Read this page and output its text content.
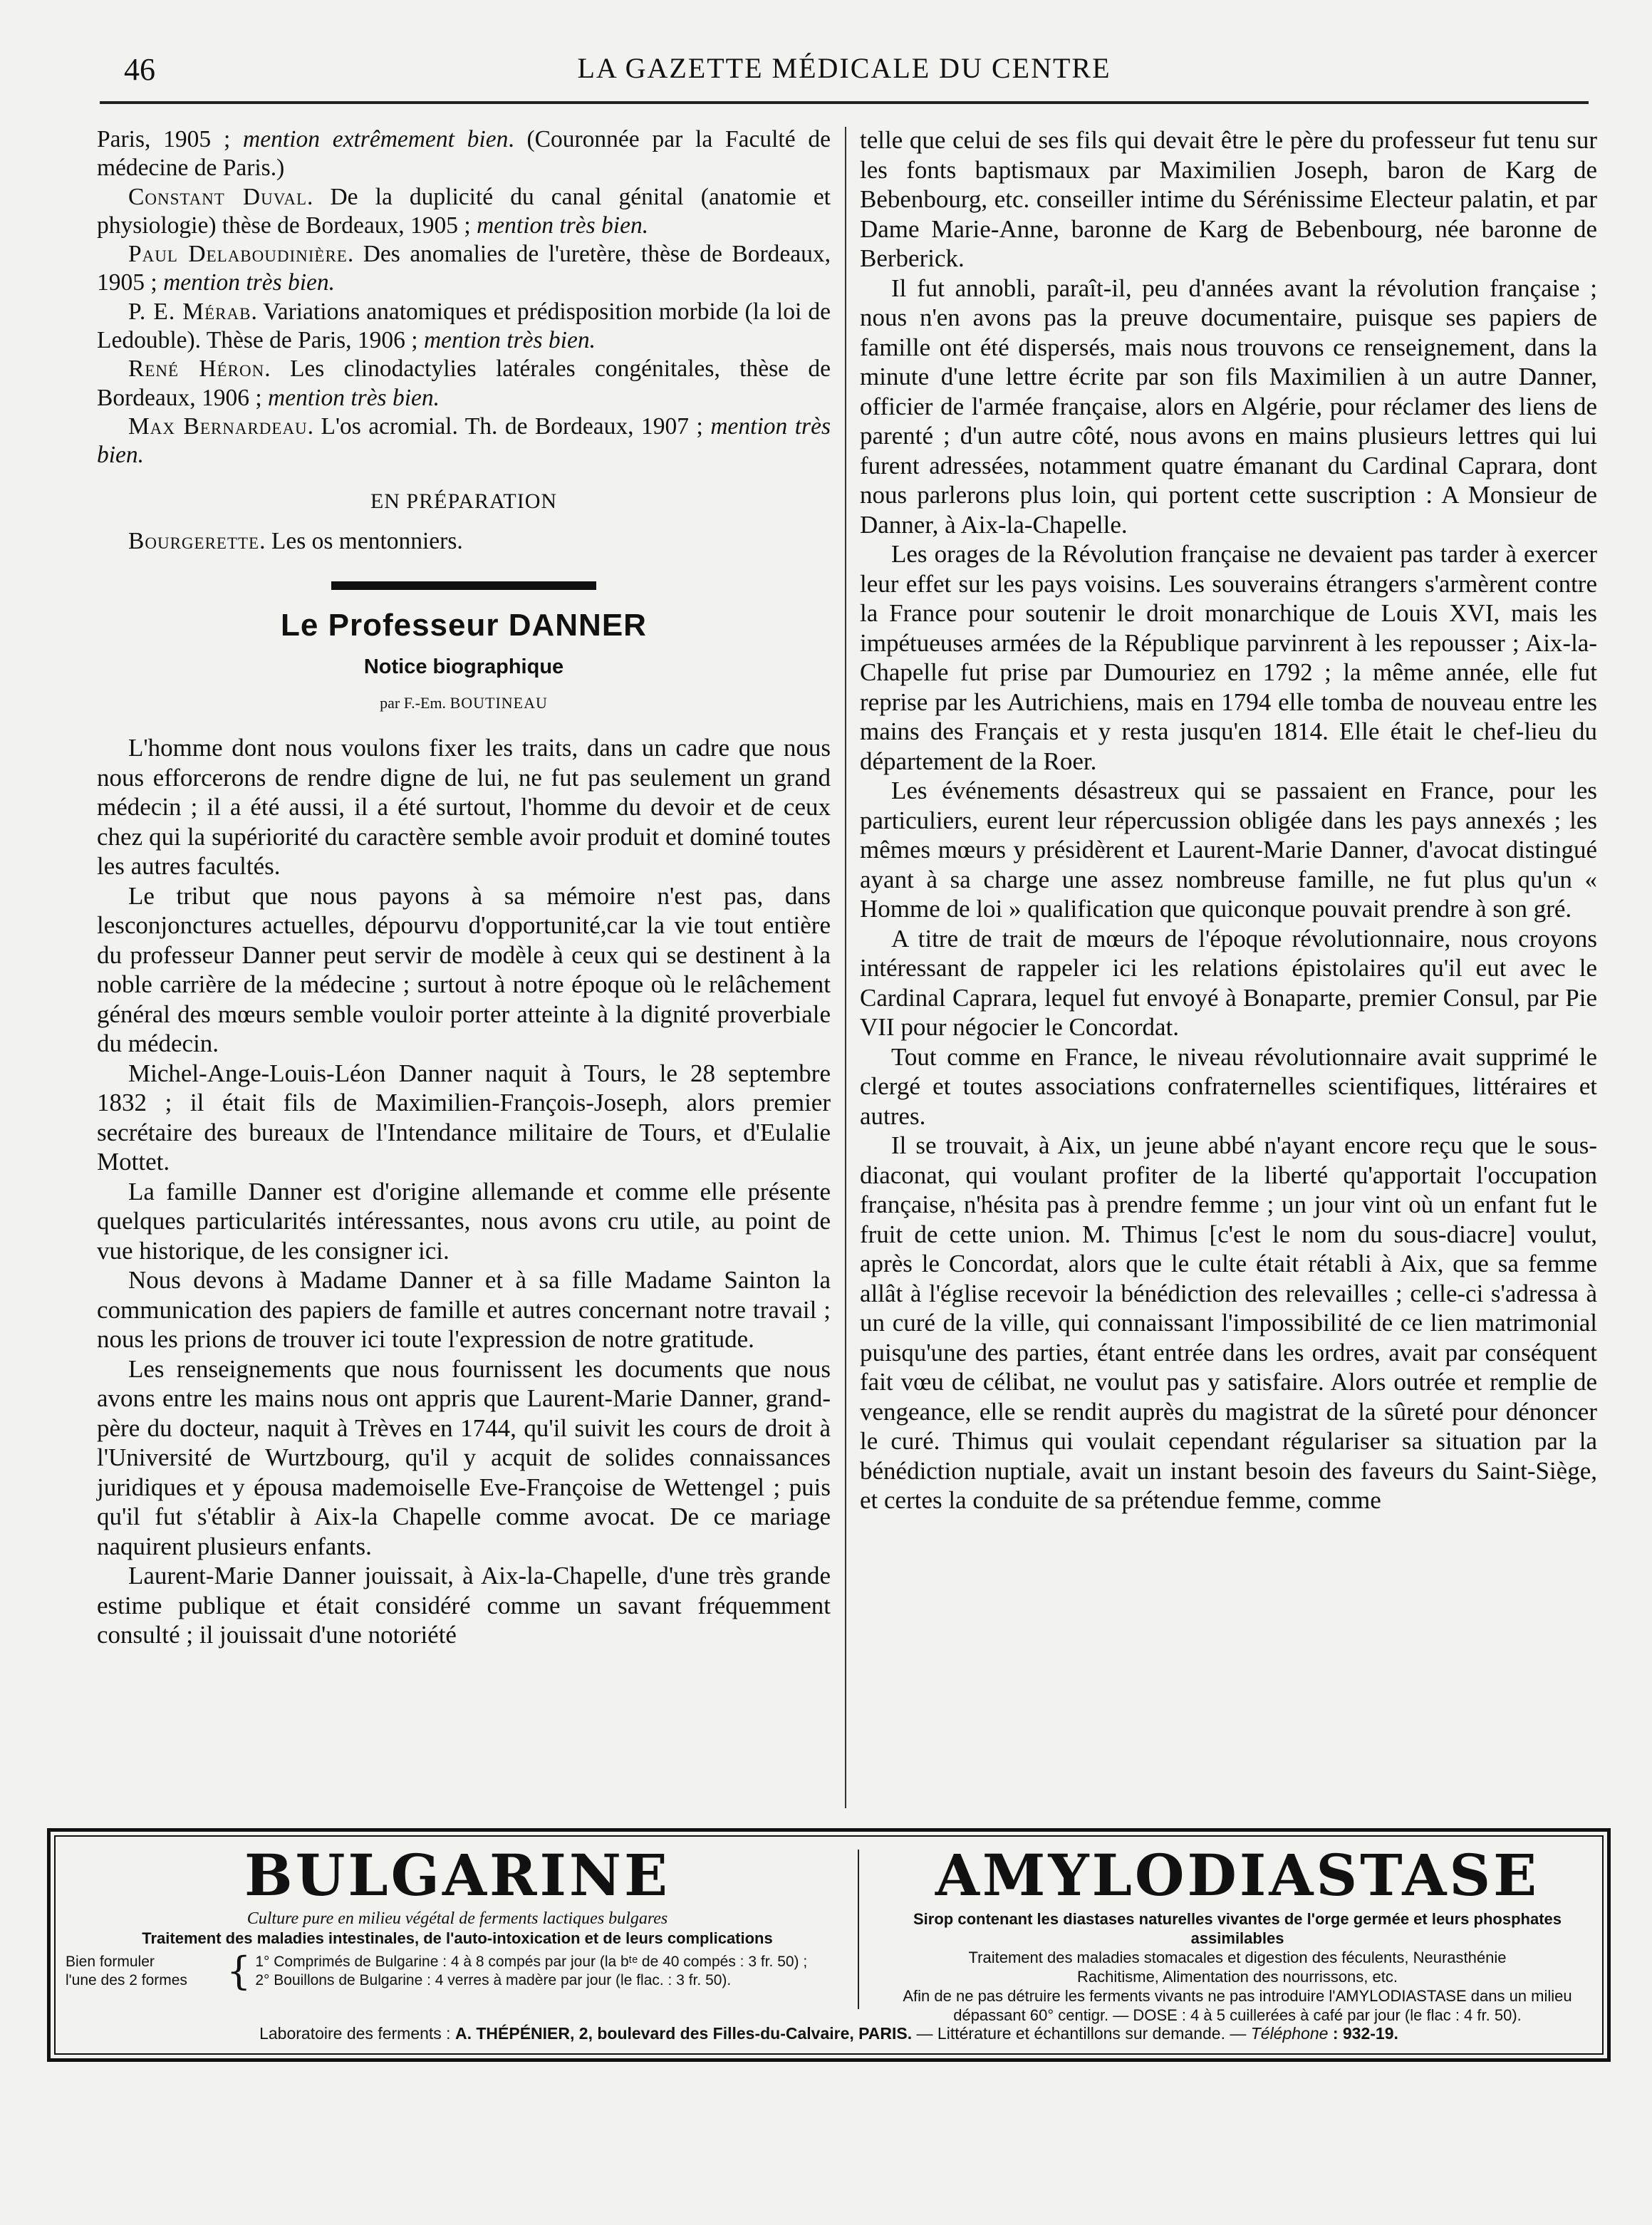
46	LA GAZETTE MÉDICALE DU CENTRE

Paris, 1905 ; mention extrêmement bien. (Couronnée par la Faculté de médecine de Paris.)

Constant Duval. De la duplicité du canal génital (anatomie et physiologie) thèse de Bordeaux, 1905 ; mention très bien.

Paul Delaboudinière. Des anomalies de l'uretère, thèse de Bordeaux, 1905 ; mention très bien.

P. E. Mérab. Variations anatomiques et prédisposition morbide (la loi de Ledouble). Thèse de Paris, 1906 ; mention très bien.

René Héron. Les clinodactylies latérales congénitales, thèse de Bordeaux, 1906 ; mention très bien.

Max Bernardeau. L'os acromial. Th. de Bordeaux, 1907 ; mention très bien.

EN PRÉPARATION

Bourgerette. Les os mentonniers.

Le Professeur DANNER
Notice biographique
par F.-Em. BOUTINEAU

L'homme dont nous voulons fixer les traits, dans un cadre que nous nous efforcerons de rendre digne de lui, ne fut pas seulement un grand médecin ; il a été aussi, il a été surtout, l'homme du devoir et de ceux chez qui la supériorité du caractère semble avoir produit et dominé toutes les autres facultés.

Le tribut que nous payons à sa mémoire n'est pas, dans lesconjonctures actuelles, dépourvu d'opportunité,car la vie tout entière du professeur Danner peut servir de modèle à ceux qui se destinent à la noble carrière de la médecine ; surtout à notre époque où le relâchement général des mœurs semble vouloir porter atteinte à la dignité proverbiale du médecin.

Michel-Ange-Louis-Léon Danner naquit à Tours, le 28 septembre 1832 ; il était fils de Maximilien-François-Joseph, alors premier secrétaire des bureaux de l'Intendance militaire de Tours, et d'Eulalie Mottet.

La famille Danner est d'origine allemande et comme elle présente quelques particularités intéressantes, nous avons cru utile, au point de vue historique, de les consigner ici.

Nous devons à Madame Danner et à sa fille Madame Sainton la communication des papiers de famille et autres concernant notre travail ; nous les prions de trouver ici toute l'expression de notre gratitude.

Les renseignements que nous fournissent les documents que nous avons entre les mains nous ont appris que Laurent-Marie Danner, grand-père du docteur, naquit à Trèves en 1744, qu'il suivit les cours de droit à l'Université de Wurtzbourg, qu'il y acquit de solides connaissances juridiques et y épousa mademoiselle Eve-Françoise de Wettengel ; puis qu'il fut s'établir à Aix-la Chapelle comme avocat. De ce mariage naquirent plusieurs enfants.

Laurent-Marie Danner jouissait, à Aix-la-Chapelle, d'une très grande estime publique et était considéré comme un savant fréquemment consulté ; il jouissait d'une notoriété

telle que celui de ses fils qui devait être le père du professeur fut tenu sur les fonts baptismaux par Maximilien Joseph, baron de Karg de Bebenbourg, etc. conseiller intime du Sérénissime Electeur palatin, et par Dame Marie-Anne, baronne de Karg de Bebenbourg, née baronne de Berberick.

Il fut annobli, paraît-il, peu d'années avant la révolution française ; nous n'en avons pas la preuve documentaire, puisque ses papiers de famille ont été dispersés, mais nous trouvons ce renseignement, dans la minute d'une lettre écrite par son fils Maximilien à un autre Danner, officier de l'armée française, alors en Algérie, pour réclamer des liens de parenté ; d'un autre côté, nous avons en mains plusieurs lettres qui lui furent adressées, notamment quatre émanant du Cardinal Caprara, dont nous parlerons plus loin, qui portent cette suscription : A Monsieur de Danner, à Aix-la-Chapelle.

Les orages de la Révolution française ne devaient pas tarder à exercer leur effet sur les pays voisins. Les souverains étrangers s'armèrent contre la France pour soutenir le droit monarchique de Louis XVI, mais les impétueuses armées de la République parvinrent à les repousser ; Aix-la-Chapelle fut prise par Dumouriez en 1792 ; la même année, elle fut reprise par les Autrichiens, mais en 1794 elle tomba de nouveau entre les mains des Français et y resta jusqu'en 1814. Elle était le chef-lieu du département de la Roer.

Les événements désastreux qui se passaient en France, pour les particuliers, eurent leur répercussion obligée dans les pays annexés ; les mêmes mœurs y présidèrent et Laurent-Marie Danner, d'avocat distingué ayant à sa charge une assez nombreuse famille, ne fut plus qu'un « Homme de loi » qualification que quiconque pouvait prendre à son gré.

A titre de trait de mœurs de l'époque révolutionnaire, nous croyons intéressant de rappeler ici les relations épistolaires qu'il eut avec le Cardinal Caprara, lequel fut envoyé à Bonaparte, premier Consul, par Pie VII pour négocier le Concordat.

Tout comme en France, le niveau révolutionnaire avait supprimé le clergé et toutes associations confraternelles scientifiques, littéraires et autres.

Il se trouvait, à Aix, un jeune abbé n'ayant encore reçu que le sous-diaconat, qui voulant profiter de la liberté qu'apportait l'occupation française, n'hésita pas à prendre femme ; un jour vint où un enfant fut le fruit de cette union. M. Thimus [c'est le nom du sous-diacre] voulut, après le Concordat, alors que le culte était rétabli à Aix, que sa femme allât à l'église recevoir la bénédiction des relevailles ; celle-ci s'adressa à un curé de la ville, qui connaissant l'impossibilité de ce lien matrimonial puisqu'une des parties, étant entrée dans les ordres, avait par conséquent fait vœu de célibat, ne voulut pas y satisfaire. Alors outrée et remplie de vengeance, elle se rendit auprès du magistrat de la sûreté pour dénoncer le curé. Thimus qui voulait cependant régulariser sa situation par la bénédiction nuptiale, avait un instant besoin des faveurs du Saint-Siège, et certes la conduite de sa prétendue femme, comme

BULGARINE
Culture pure en milieu végétal de ferments lactiques bulgares
Traitement des maladies intestinales, de l'auto-intoxication et de leurs complications
Bien formuler
l'une des 2 formes	{ 1° Comprimés de Bulgarine : 4 à 8 compés par jour (la bᵗᵉ de 40 compés : 3 fr. 50) ;
2° Bouillons de Bulgarine : 4 verres à madère par jour (le flac. : 3 fr. 50).
AMYLODIASTASE
Sirop contenant les diastases naturelles vivantes de l'orge germée et leurs phosphates assimilables
Traitement des maladies stomacales et digestion des féculents, Neurasthénie
Rachitisme, Alimentation des nourrissons, etc.
Afin de ne pas détruire les ferments vivants ne pas introduire l'AMYLODIASTASE dans un milieu
dépassant 60° centigr. — DOSE : 4 à 5 cuillerées à café par jour (le flac : 4 fr. 50).
Laboratoire des ferments : A. THÉPÉNIER, 2, boulevard des Filles-du-Calvaire, PARIS. — Littérature et échantillons sur demande. — Téléphone : 932-19.
